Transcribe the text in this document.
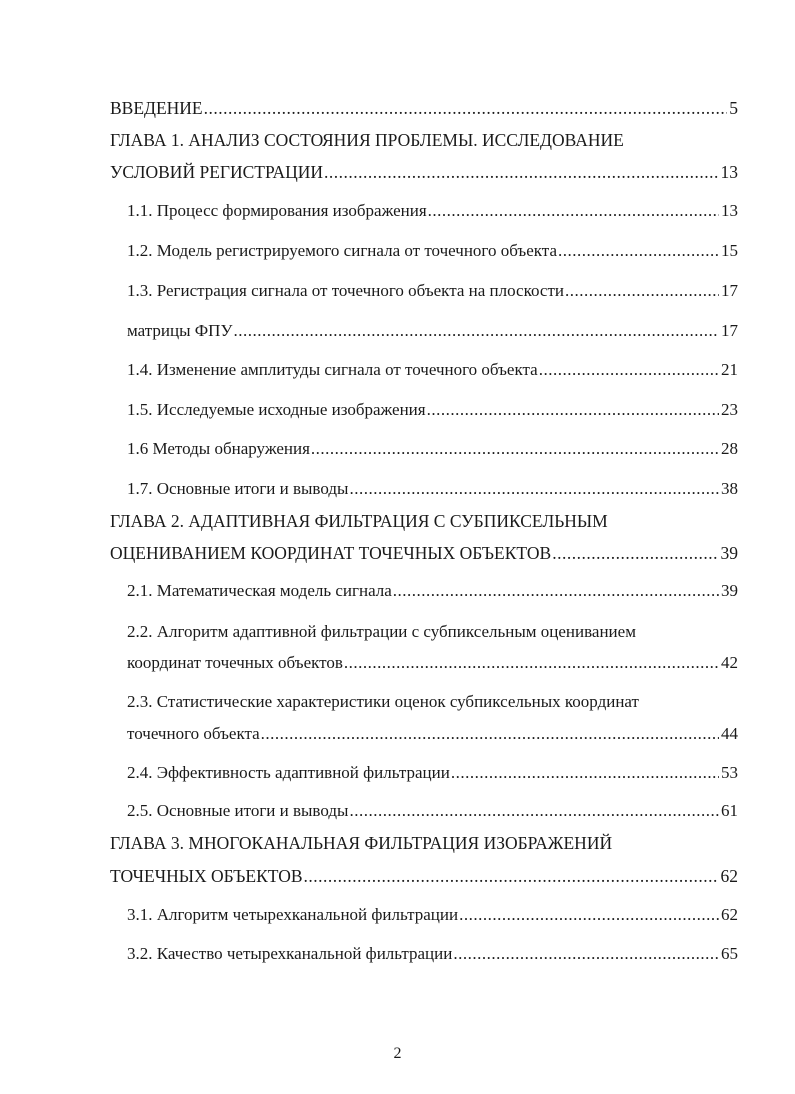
ВВЕДЕНИЕ .....	5
ГЛАВА 1. АНАЛИЗ СОСТОЯНИЯ ПРОБЛЕМЫ. ИССЛЕДОВАНИЕ
УСЛОВИЙ РЕГИСТРАЦИИ .....	13
1.1. Процесс формирования изображения .....	13
1.2. Модель регистрируемого сигнала от точечного объекта .....	15
1.3. Регистрация сигнала от точечного объекта на плоскости .....	17
матрицы ФПУ .....	17
1.4. Изменение амплитуды сигнала от точечного объекта .....	21
1.5. Исследуемые исходные изображения .....	23
1.6 Методы обнаружения .....	28
1.7. Основные итоги и выводы .....	38
ГЛАВА 2. АДАПТИВНАЯ ФИЛЬТРАЦИЯ С СУБПИКСЕЛЬНЫМ
ОЦЕНИВАНИЕМ КООРДИНАТ ТОЧЕЧНЫХ ОБЪЕКТОВ .....	39
2.1. Математическая модель сигнала .....	39
2.2. Алгоритм адаптивной фильтрации с субпиксельным оцениванием
координат точечных объектов .....	42
2.3. Статистические характеристики оценок субпиксельных координат
точечного объекта .....	44
2.4. Эффективность адаптивной фильтрации .....	53
2.5. Основные итоги и выводы .....	61
ГЛАВА 3. МНОГОКАНАЛЬНАЯ ФИЛЬТРАЦИЯ ИЗОБРАЖЕНИЙ
ТОЧЕЧНЫХ ОБЪЕКТОВ .....	62
3.1. Алгоритм четырехканальной фильтрации .....	62
3.2. Качество четырехканальной фильтрации .....	65
2
